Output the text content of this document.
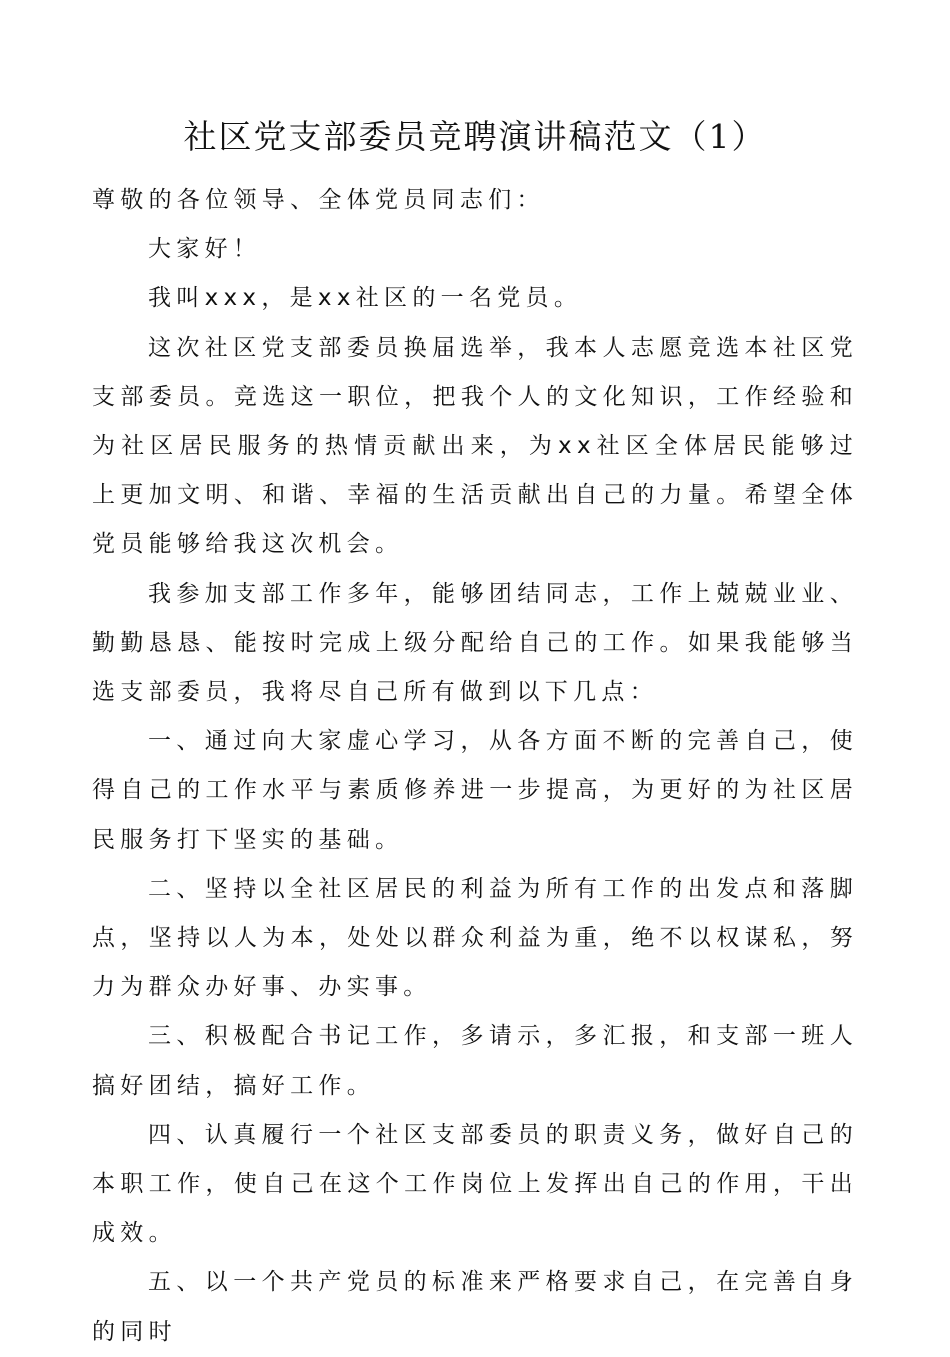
社区党支部委员竞聘演讲稿范文（1）

尊敬的各位领导、全体党员同志们：

大家好！

我叫xxx，是xx社区的一名党员。

这次社区党支部委员换届选举，我本人志愿竞选本社区党支部委员。竞选这一职位，把我个人的文化知识，工作经验和为社区居民服务的热情贡献出来，为xx社区全体居民能够过上更加文明、和谐、幸福的生活贡献出自己的力量。希望全体党员能够给我这次机会。

我参加支部工作多年，能够团结同志，工作上兢兢业业、勤勤恳恳、能按时完成上级分配给自己的工作。如果我能够当选支部委员，我将尽自己所有做到以下几点：

一、通过向大家虚心学习，从各方面不断的完善自己，使得自己的工作水平与素质修养进一步提高，为更好的为社区居民服务打下坚实的基础。

二、坚持以全社区居民的利益为所有工作的出发点和落脚点，坚持以人为本，处处以群众利益为重，绝不以权谋私，努力为群众办好事、办实事。

三、积极配合书记工作，多请示，多汇报，和支部一班人搞好团结，搞好工作。

四、认真履行一个社区支部委员的职责义务，做好自己的本职工作，使自己在这个工作岗位上发挥出自己的作用，干出成效。

五、以一个共产党员的标准来严格要求自己，在完善自身的同时
